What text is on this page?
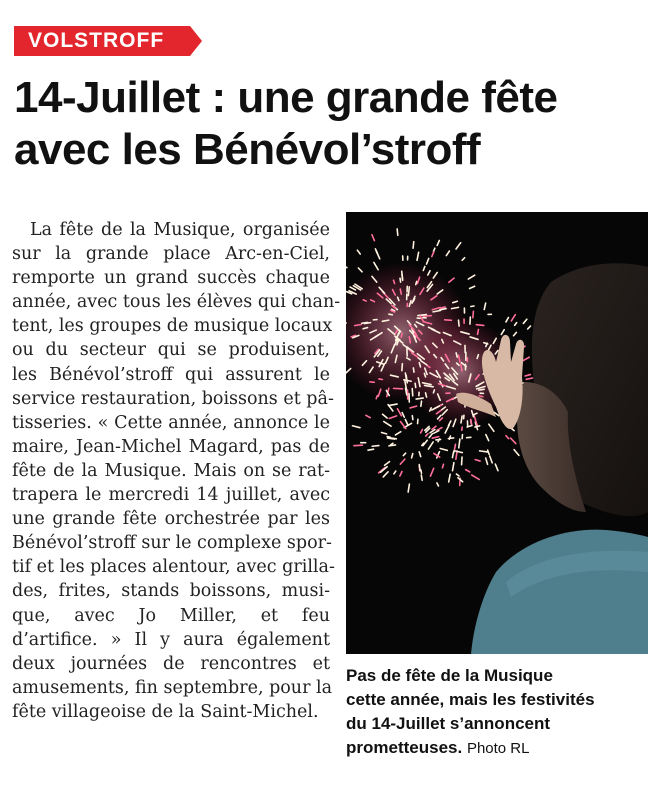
VOLSTROFF
14-Juillet : une grande fête
avec les Bénévol’stroff
La fête de la Musique, organisée
sur la grande place Arc-en-Ciel,
remporte un grand succès chaque
année, avec tous les élèves qui chan-
tent, les groupes de musique locaux
ou du secteur qui se produisent,
les Bénévol’stroff qui assurent le
service restauration, boissons et pâ-
tisseries. « Cette année, annonce le
maire, Jean-Michel Magard, pas de
fête de la Musique. Mais on se rat-
trapera le mercredi 14 juillet, avec
une grande fête orchestrée par les
Bénévol’stroff sur le complexe spor-
tif et les places alentour, avec grilla-
des, frites, stands boissons, musi-
que, avec Jo Miller, et feu
d’artifice. » Il y aura également
deux journées de rencontres et
amusements, fin septembre, pour la
fête villageoise de la Saint-Michel.
Pas de fête de la Musique
cette année, mais les festivités
du 14-Juillet s’annoncent
prometteuses. Photo RL
